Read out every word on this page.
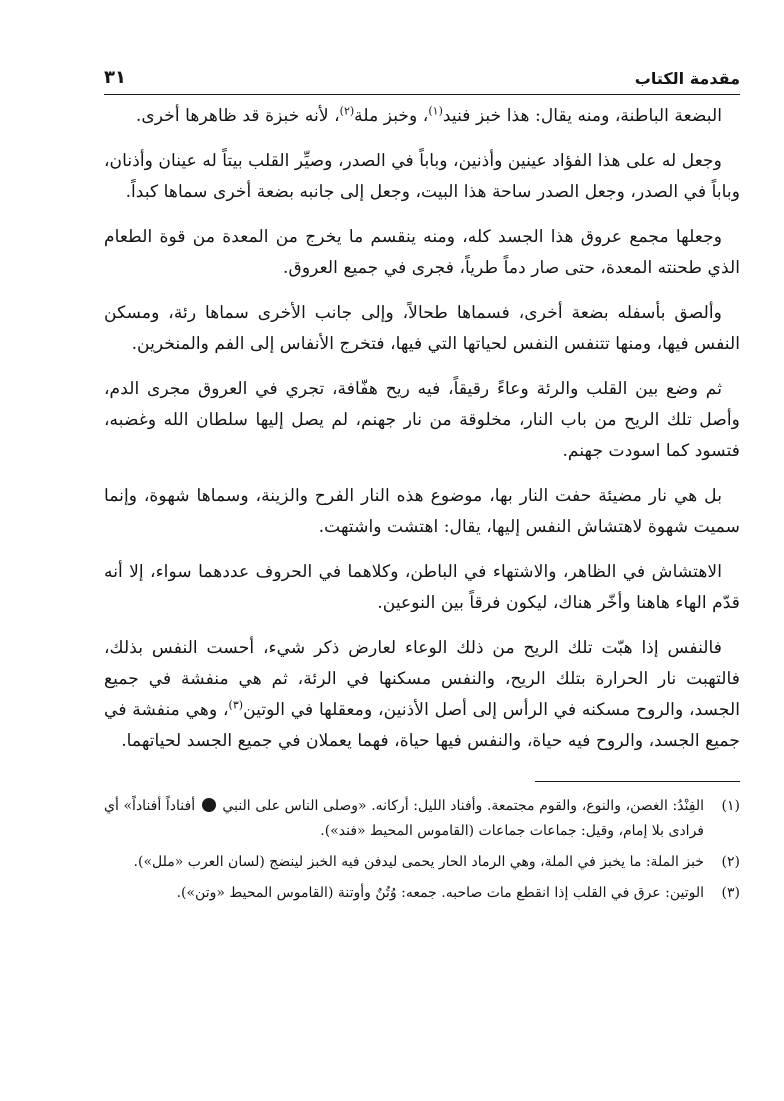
مقدمة الكتاب
٣١

البضعة الباطنة، ومنه يقال: هذا خبز فنيد$^{(١)}$، وخبز ملة$^{(٢)}$، لأنه خبزة قد ظاهرها أخرى.

وجعل له على هذا الفؤاد عينين وأذنين، وباباً في الصدر، وصيِّر القلب بيتاً له عينان وأذنان، وباباً في الصدر، وجعل الصدر ساحة هذا البيت، وجعل إلى جانبه بضعة أخرى سماها كبداً.

وجعلها مجمع عروق هذا الجسد كله، ومنه ينقسم ما يخرج من المعدة من قوة الطعام الذي طحنته المعدة، حتى صار دماً طرياً، فجرى في جميع العروق.

وألصق بأسفله بضعة أخرى، فسماها طحالاً، وإلى جانب الأخرى سماها رئة، ومسكن النفس فيها، ومنها تتنفس النفس لحياتها التي فيها، فتخرج الأنفاس إلى الفم والمنخرين.

ثم وضع بين القلب والرئة وعاءً رقيقاً، فيه ريح هفّافة، تجري في العروق مجرى الدم، وأصل تلك الريح من باب النار، مخلوقة من نار جهنم، لم يصل إليها سلطان الله وغضبه، فتسود كما اسودت جهنم.

بل هي نار مضيئة حفت النار بها، موضوع هذه النار الفرح والزينة، وسماها شهوة، وإنما سميت شهوة لاهتشاش النفس إليها، يقال: اهتشت واشتهت.

الاهتشاش في الظاهر، والاشتهاء في الباطن، وكلاهما في الحروف عددهما سواء، إلا أنه قدّم الهاء هاهنا وأخّر هناك، ليكون فرقاً بين النوعين.

فالنفس إذا هبّت تلك الريح من ذلك الوعاء لعارض ذكر شيء، أحست النفس بذلك، فالتهبت نار الحرارة بتلك الريح، والنفس مسكنها في الرئة، ثم هي منفشة في جميع الجسد، والروح مسكنه في الرأس إلى أصل الأذنين، ومعقلها في الوتين$^{(٣)}$، وهي منفشة في جميع الجسد، والروح فيه حياة، والنفس فيها حياة، فهما يعملان في جميع الجسد لحياتهما.

(١)
الفِنْدُ: الغصن، والنوع، والقوم مجتمعة. وأفناد الليل: أركانه. «وصلى الناس على النبي  أفناداً أفناداً» أي فرادى بلا إمام، وقيل: جماعات جماعات (القاموس المحيط «فند»).
(٢)
خبز الملة: ما يخبز في الملة، وهي الرماد الحار يحمى ليدفن فيه الخبز لينضج (لسان العرب «ملل»).
(٣)
الوتين: عرق في القلب إذا انقطع مات صاحبه. جمعه: وُتُنٌ وأوتنة (القاموس المحيط «وتن»).
